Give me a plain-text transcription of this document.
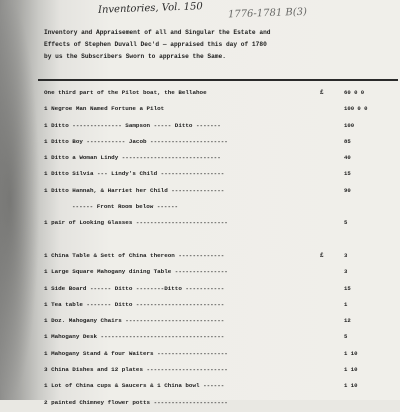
Inventories, Vol. 150 1776-1781 B(3)
Inventory and Appraisement of all and Singular the Estate and
Effects of Stephen Duvall Dec'd — appraised this day of 1780
by us the Subscribers Sworn to appraise the Same.
One third part of the Pilot boat, the Bellahoe	£	60 0 0
1 Negroe Man Named Fortune a Pilot	100 0 0
1 Ditto -------------- Sampson ----- Ditto -------	100
1 Ditto Boy ----------- Jacob ----------------------	85
1 Ditto a Woman Lindy ----------------------------	40
1 Ditto Silvia --- Lindy's Child ------------------	15
1 Ditto Hannah, & Harriet her Child ---------------	90
------ Front Room below ------
1 pair of Looking Glasses --------------------------	5
1 China Table & Sett of China thereon -------------	£	3
1 Large Square Mahogany dining Table ---------------	3
1 Side Board ------ Ditto --------Ditto -----------	15
1 Tea table ------- Ditto -------------------------	1
1 Doz. Mahogany Chairs ----------------------------	12
1 Mahogany Desk -----------------------------------	5
1 Mahogany Stand & four Waiters --------------------	1 10
3 China Dishes and 12 plates -----------------------	1 10
1 Lot of China cups & Saucers & 1 China bowl ------	1 10
2 painted Chimney flower potts ---------------------
